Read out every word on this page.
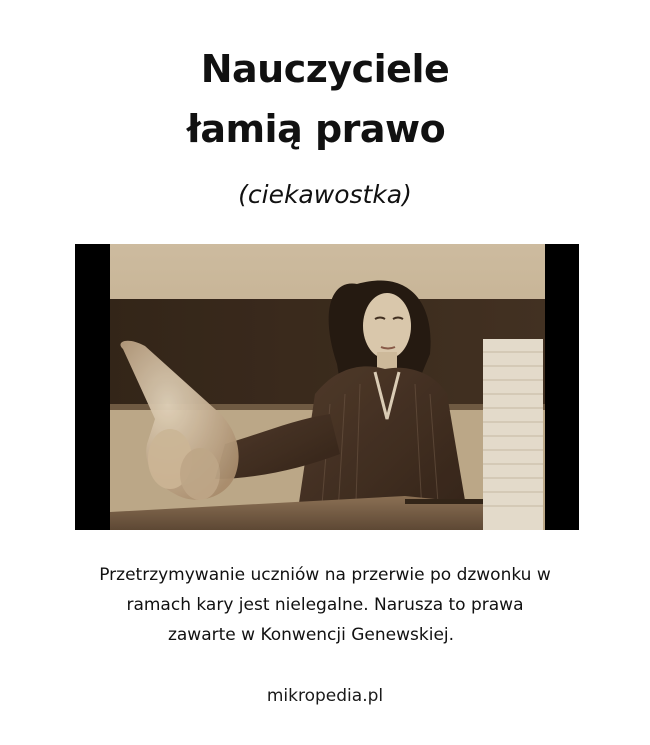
Nauczyciele
łamią prawo
(ciekawostka)
Przetrzymywanie uczniów na przerwie po dzwonku w
ramach kary jest nielegalne. Narusza to prawa
zawarte w Konwencji Genewskiej.
mikropedia.pl
